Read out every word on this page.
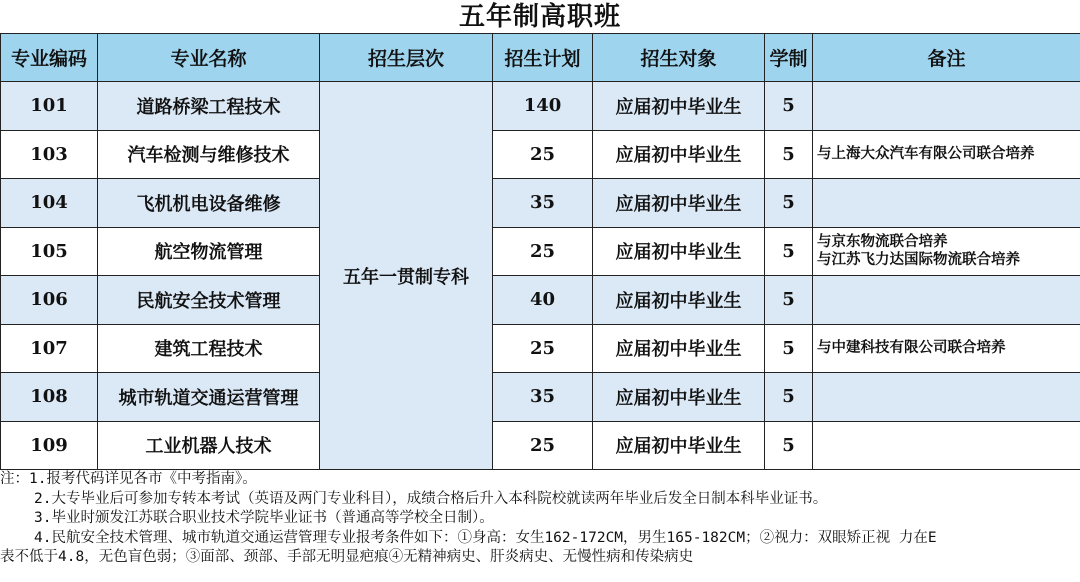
五年制高职班
专业编码	专业名称	招生层次	招生计划	招生对象	学制	备注
101	道路桥梁工程技术	五年一贯制专科	140	应届初中毕业生	5	
103	汽车检测与维修技术		25	应届初中毕业生	5	与上海大众汽车有限公司联合培养
104	飞机机电设备维修		35	应届初中毕业生	5	
105	航空物流管理		25	应届初中毕业生	5	与京东物流联合培养
与江苏飞力达国际物流联合培养

106	民航安全技术管理		40	应届初中毕业生	5	
107	建筑工程技术		25	应届初中毕业生	5	与中建科技有限公司联合培养
108	城市轨道交通运营管理		35	应届初中毕业生	5	
109	工业机器人技术		25	应届初中毕业生	5	
注：1.报考代码详见各市《中考指南》。
2.大专毕业后可参加专转本考试（英语及两门专业科目），成绩合格后升入本科院校就读两年毕业后发全日制本科毕业证书。
3.毕业时颁发江苏联合职业技术学院毕业证书（普通高等学校全日制）。
4.民航安全技术管理、城市轨道交通运营管理专业报考条件如下：①身高：女生162-172CM，男生165-182CM；②视力：双眼矫正视 力在E
表不低于4.8，无色盲色弱；③面部、颈部、手部无明显疤痕④无精神病史、肝炎病史、无慢性病和传染病史
